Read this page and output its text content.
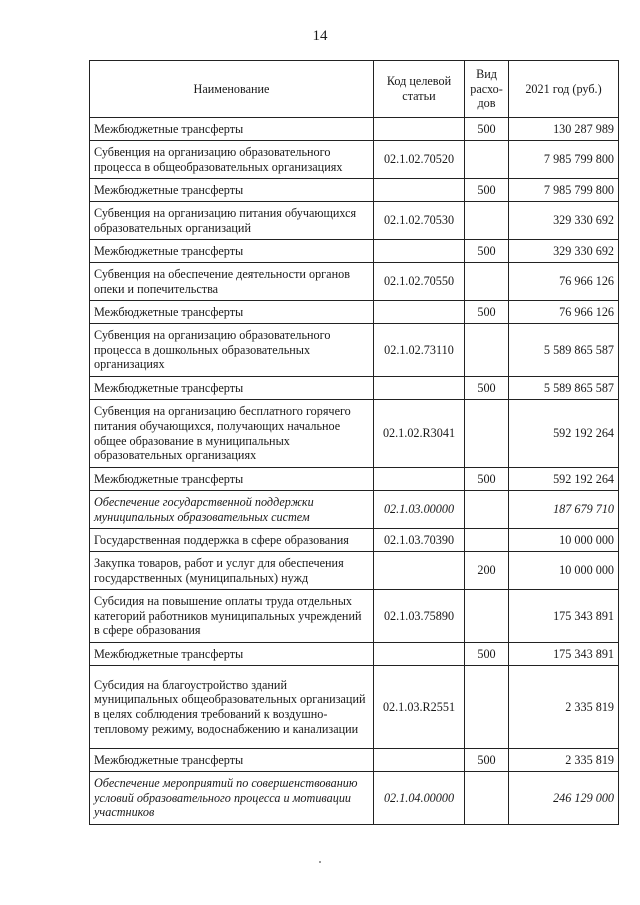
14
Наименование	Код целевой статьи	Вид расхо-дов	2021 год (руб.)
Межбюджетные трансферты		500	130 287 989
Субвенция на организацию образовательного процесса в общеобразовательных организациях	02.1.02.70520		7 985 799 800
Межбюджетные трансферты		500	7 985 799 800
Субвенция на организацию питания обучающихся образовательных организаций	02.1.02.70530		329 330 692
Межбюджетные трансферты		500	329 330 692
Субвенция на обеспечение деятельности органов опеки и попечительства	02.1.02.70550		76 966 126
Межбюджетные трансферты		500	76 966 126
Субвенция на организацию образовательного процесса в дошкольных образовательных организациях	02.1.02.73110		5 589 865 587
Межбюджетные трансферты		500	5 589 865 587
Субвенция на организацию бесплатного горячего питания обучающихся, получающих начальное общее образование в муниципальных образовательных организациях	02.1.02.R3041		592 192 264
Межбюджетные трансферты		500	592 192 264
Обеспечение государственной поддержки муниципальных образовательных систем	02.1.03.00000		187 679 710
Государственная поддержка в сфере образования	02.1.03.70390		10 000 000
Закупка товаров, работ и услуг для обеспечения государственных (муниципальных) нужд		200	10 000 000
Субсидия на повышение оплаты труда отдельных категорий работников муниципальных учреждений в сфере образования	02.1.03.75890		175 343 891
Межбюджетные трансферты		500	175 343 891
Субсидия на благоустройство зданий муниципальных общеобразовательных организаций в целях соблюдения требований к воздушно-тепловому режиму, водоснабжению и канализации	02.1.03.R2551		2 335 819
Межбюджетные трансферты		500	2 335 819
Обеспечение мероприятий по совершенствованию условий образовательного процесса и мотивации участников	02.1.04.00000		246 129 000
